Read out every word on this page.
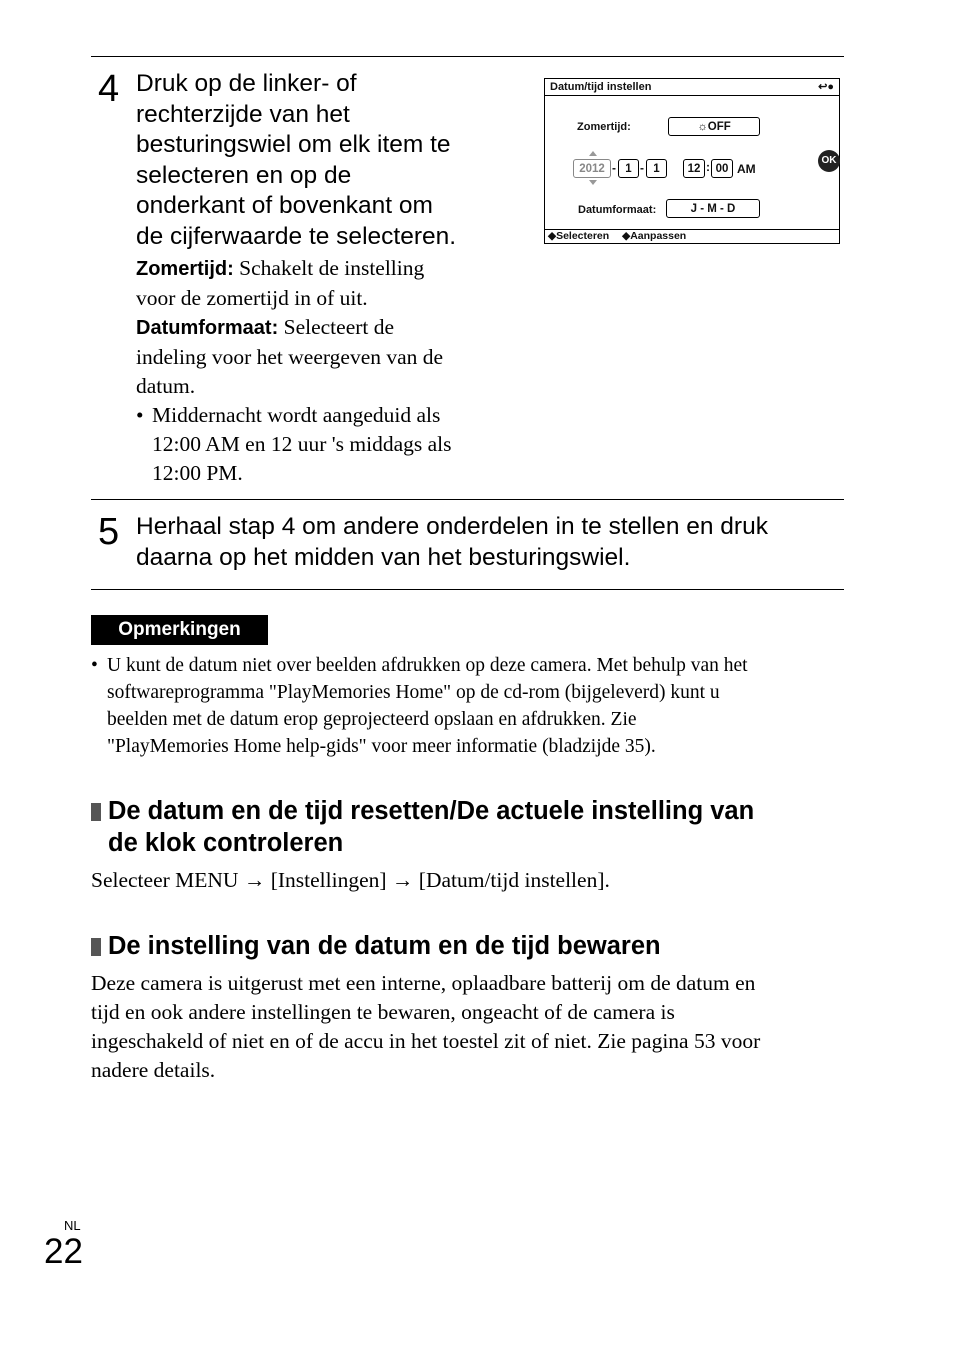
4 Druk op de linker- of
rechterzijde van het
besturingswiel om elk item te
selecteren en op de
onderkant of bovenkant om
de cijferwaarde te selecteren.
Zomertijd: Schakelt de instelling
voor de zomertijd in of uit.
Datumformaat: Selecteert de
indeling voor het weergeven van de
datum.
• Middernacht wordt aangeduid als
12:00 AM en 12 uur 's middags als
12:00 PM.
Datum/tijd instellen	↩●
Zomertijd:	☼OFF
2012 - 1 - 1	12 : 00 AM
Datumformaat:	J - M - D
◆Selecteren ◆Aanpassen
OK
5 Herhaal stap 4 om andere onderdelen in te stellen en druk
daarna op het midden van het besturingswiel.
Opmerkingen
• U kunt de datum niet over beelden afdrukken op deze camera. Met behulp van het
softwareprogramma "PlayMemories Home" op de cd-rom (bijgeleverd) kunt u
beelden met de datum erop geprojecteerd opslaan en afdrukken. Zie
"PlayMemories Home help-gids" voor meer informatie (bladzijde 35).
De datum en de tijd resetten/De actuele instelling van
de klok controleren
Selecteer MENU → [Instellingen] → [Datum/tijd instellen].
De instelling van de datum en de tijd bewaren
Deze camera is uitgerust met een interne, oplaadbare batterij om de datum en
tijd en ook andere instellingen te bewaren, ongeacht of de camera is
ingeschakeld of niet en of de accu in het toestel zit of niet. Zie pagina 53 voor
nadere details.
NL
22
